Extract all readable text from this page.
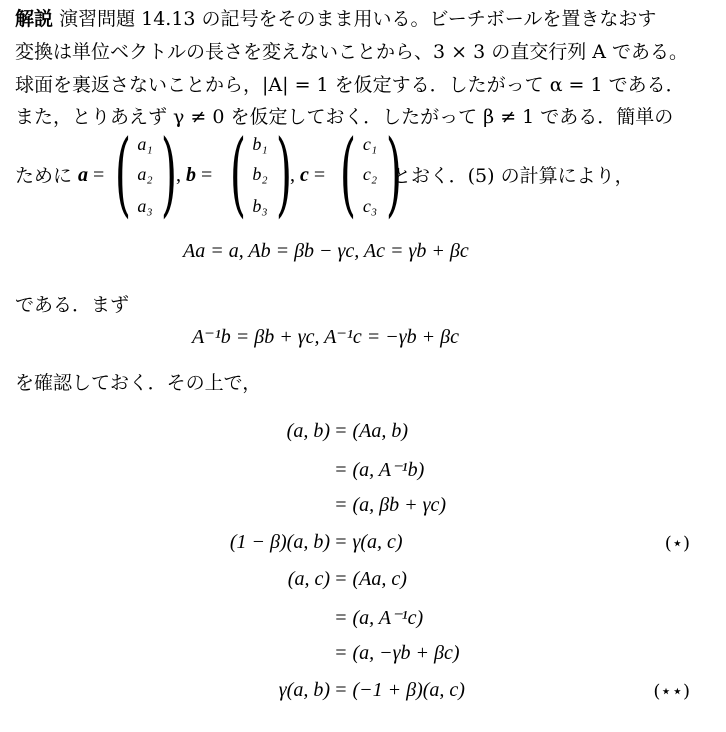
解説 演習問題 14.13 の記号をそのまま用いる。ビーチボールを置きなおす
変換は単位ベクトルの長さを変えないことから、3 × 3 の直交行列 A である。
球面を裏返さないことから，|A| = 1 を仮定する．したがって α = 1 である．
また，とりあえず γ ≠ 0 を仮定しておく．したがって β ≠ 1 である．簡単の
ために a = ( a₁
a₂
a₃ )
, b = ( b₁
b₂
b₃ )
, c = ( c₁
c₂
c₃ )
とおく．(5) の計算により，
Aa = a, Ab = βb − γc, Ac = γb + βc
である．まず
A⁻¹b = βb + γc, A⁻¹c = −γb + βc
を確認しておく．その上で，
(a, b) = (Aa, b)
= (a, A⁻¹b)
= (a, βb + γc)
(1 − β)(a, b) = γ(a, c)	(⋆)
(a, c) = (Aa, c)
= (a, A⁻¹c)
= (a, −γb + βc)
γ(a, b) = (−1 + β)(a, c)	(⋆⋆)
